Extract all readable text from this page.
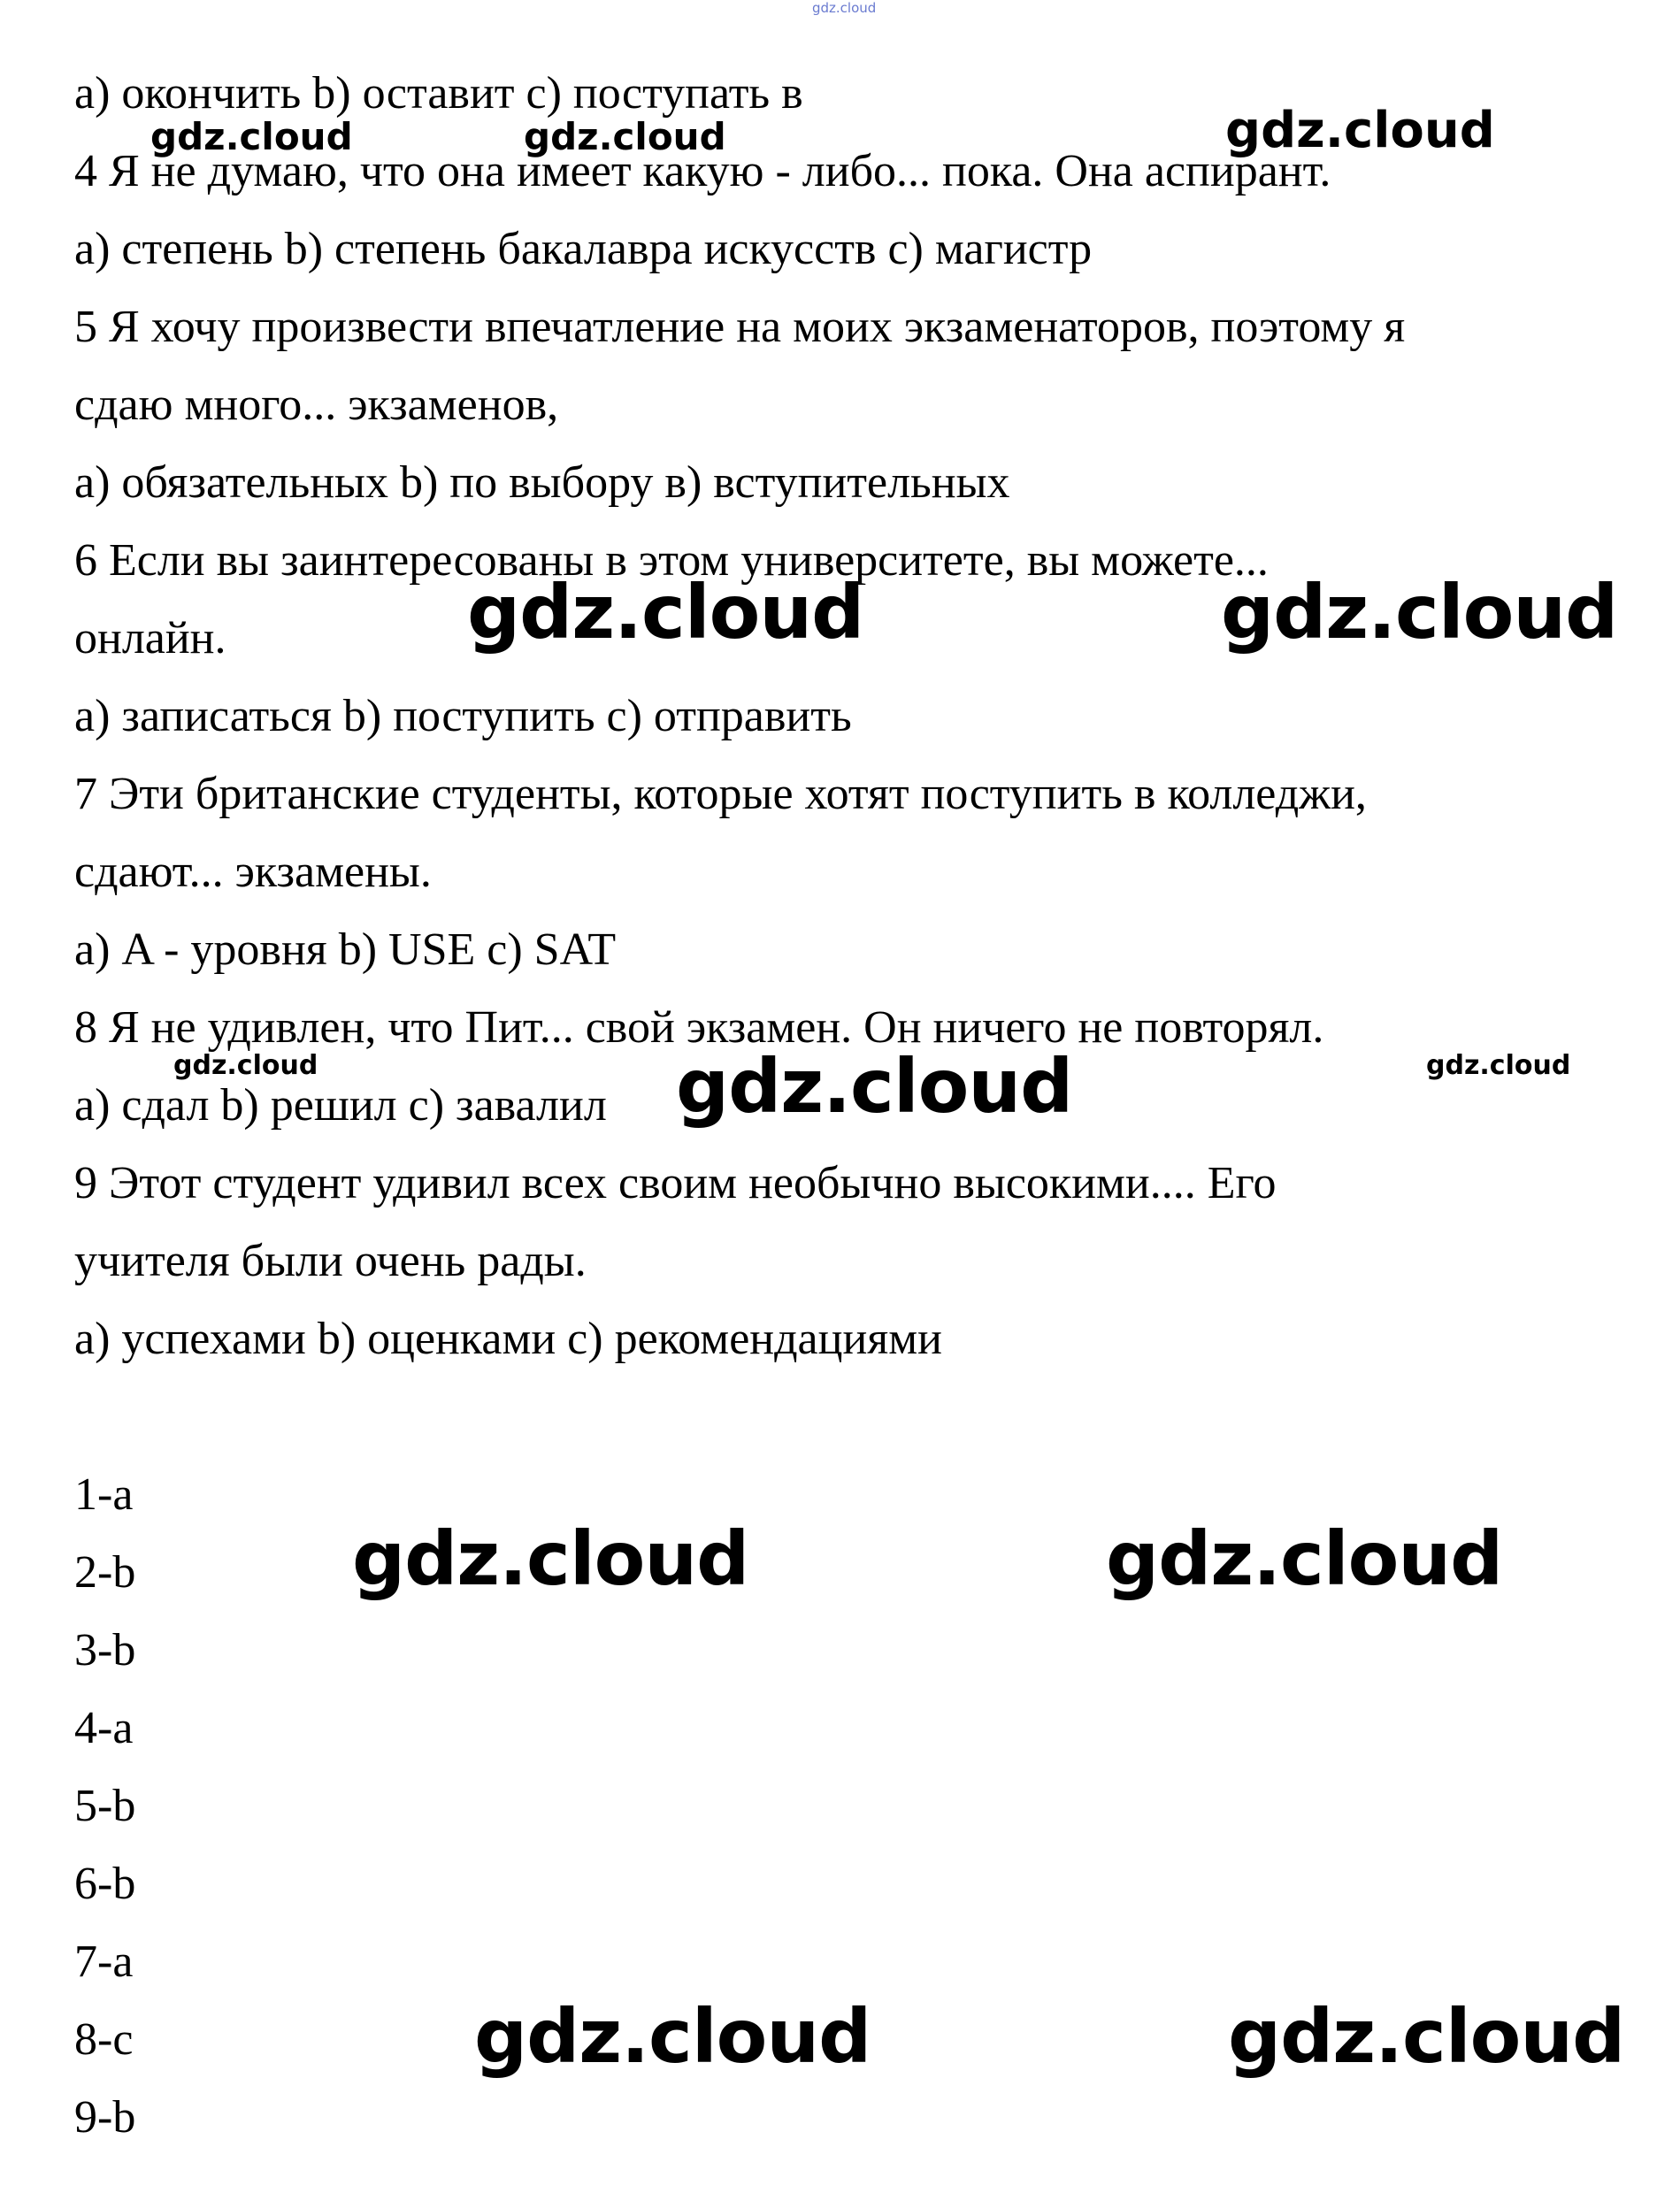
gdz.cloud
а) окончить b) оставит с) поступать в
4 Я не думаю, что она имеет какую - либо... пока. Она аспирант.
а) степень b) степень бакалавра искусств с) магистр
5 Я хочу произвести впечатление на моих экзаменаторов, поэтому я
сдаю много... экзаменов,
а) обязательных b) по выбору в) вступительных
6 Если вы заинтересованы в этом университете, вы можете...
онлайн.
а) записаться b) поступить с) отправить
7 Эти британские студенты, которые хотят поступить в колледжи,
сдают... экзамены.
а) A - уровня b) USE c) SAT
8 Я не удивлен, что Пит... свой экзамен. Он ничего не повторял.
а) сдал b) решил с) завалил
9 Этот студент удивил всех своим необычно высокими.... Его
учителя были очень рады.
а) успехами b) оценками с) рекомендациями
1-a
2-b
3-b
4-a
5-b
6-b
7-a
8-c
9-b
gdz.cloud	gdz.cloud	gdz.cloud
gdz.cloud	gdz.cloud
gdz.cloud	gdz.cloud	gdz.cloud
gdz.cloud	gdz.cloud
gdz.cloud	gdz.cloud
